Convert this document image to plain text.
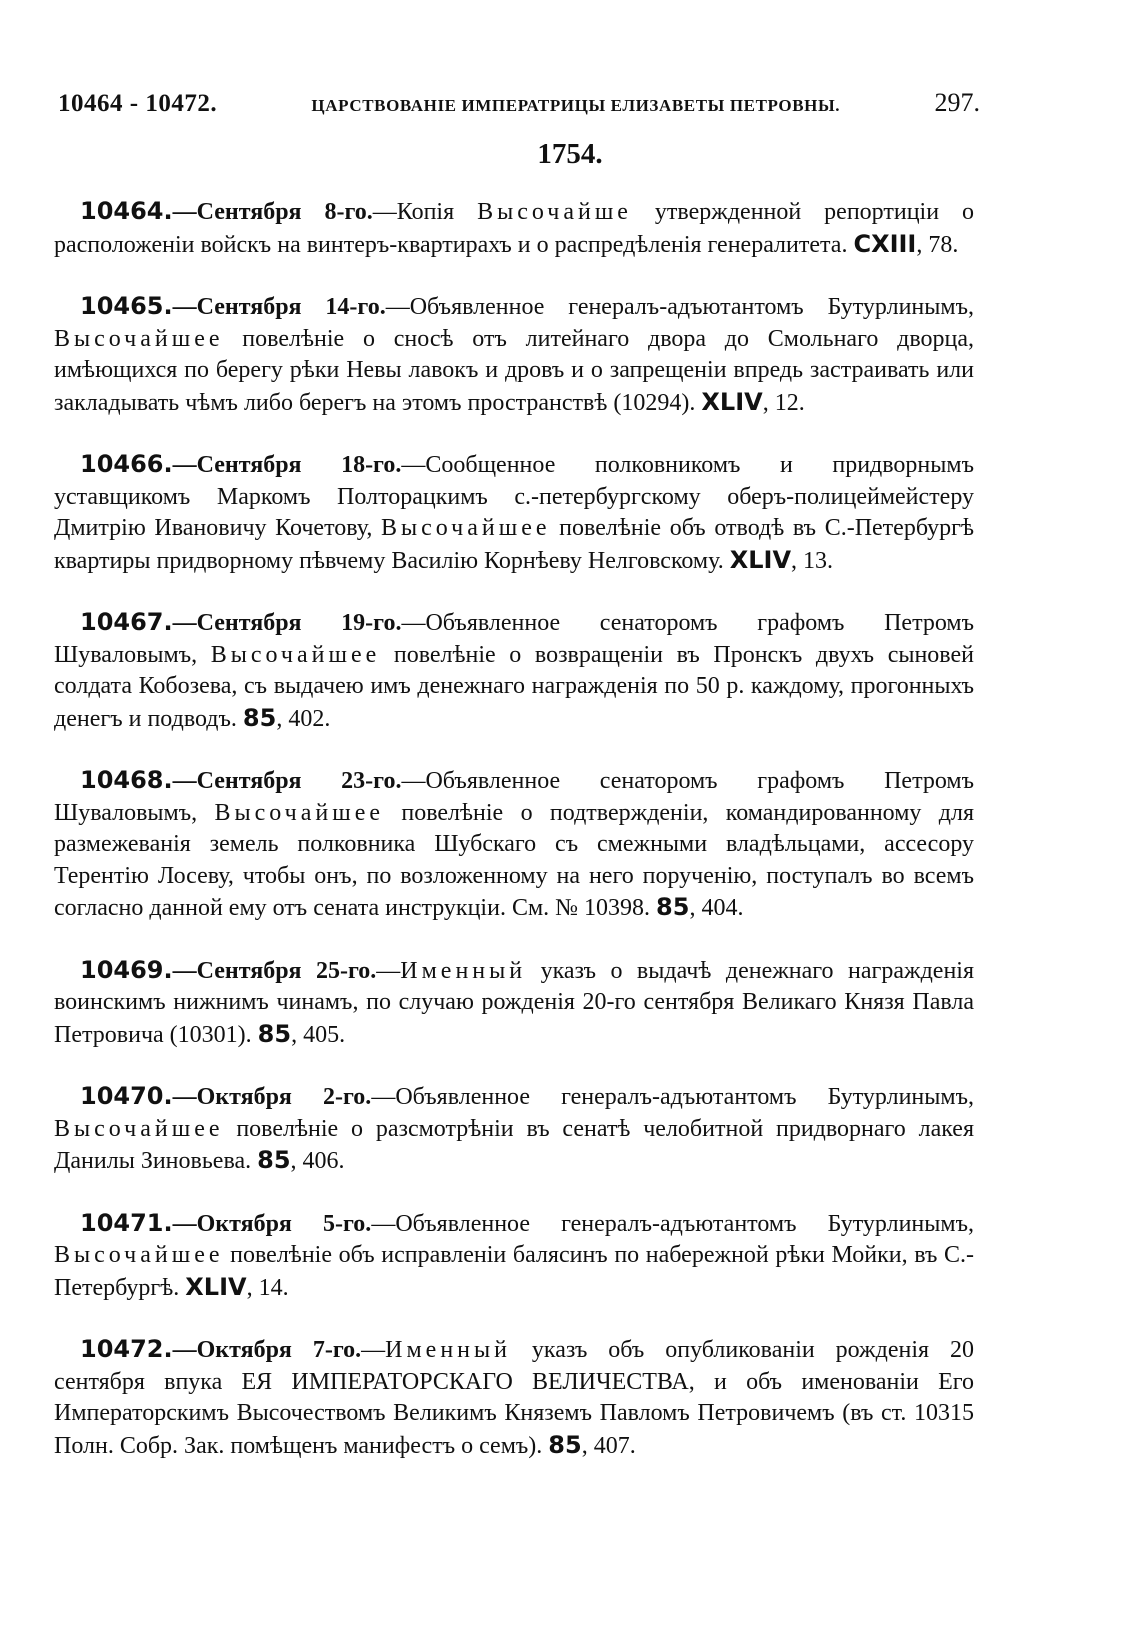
10464 - 10472.	ЦАРСТВОВАНІЕ ИМПЕРАТРИЦЫ ЕЛИЗАВЕТЫ ПЕТРОВНЫ.	297.
1754.

10464.—Сентября 8-го.—Копія Высочайше утвержденной репортиціи о расположеніи войскъ на винтеръ-квартирахъ и о распредѣленія генералитета. CXIII, 78.

10465.—Сентября 14-го.—Объявленное генералъ-адъютантомъ Бутурлинымъ, Высочайшее повелѣніе о сносѣ отъ литейнаго двора до Смольнаго дворца, имѣющихся по берегу рѣки Невы лавокъ и дровъ и о запрещеніи впредь застраивать или закладывать чѣмъ либо берегъ на этомъ пространствѣ (10294). XLIV, 12.

10466.—Сентября 18-го.—Сообщенное полковникомъ и придворнымъ уставщикомъ Маркомъ Полторацкимъ с.-петербургскому оберъ-полицеймейстеру Дмитрію Ивановичу Кочетову, Высочайшее повелѣніе объ отводѣ въ С.-Петербургѣ квартиры придворному пѣвчему Василію Корнѣеву Нелговскому. XLIV, 13.

10467.—Сентября 19-го.—Объявленное сенаторомъ графомъ Петромъ Шуваловымъ, Высочайшее повелѣніе о возвращеніи въ Пронскъ двухъ сыновей солдата Кобозева, съ выдачею имъ денежнаго награжденія по 50 р. каждому, прогонныхъ денегъ и подводъ. 85, 402.

10468.—Сентября 23-го.—Объявленное сенаторомъ графомъ Петромъ Шуваловымъ, Высочайшее повелѣніе о подтвержденіи, командированному для размежеванія земель полковника Шубскаго съ смежными владѣльцами, ассесору Терентію Лосеву, чтобы онъ, по возложенному на него порученію, поступалъ во всемъ согласно данной ему отъ сената инструкціи. См. № 10398. 85, 404.

10469.—Сентября 25-го.—Именный указъ о выдачѣ денежнаго награжденія воинскимъ нижнимъ чинамъ, по случаю рожденія 20-го сентября Великаго Князя Павла Петровича (10301). 85, 405.

10470.—Октября 2-го.—Объявленное генералъ-адъютантомъ Бутурлинымъ, Высочайшее повелѣніе о разсмотрѣніи въ сенатѣ челобитной придворнаго лакея Данилы Зиновьева. 85, 406.

10471.—Октября 5-го.—Объявленное генералъ-адъютантомъ Бутурлинымъ, Высочайшее повелѣніе объ исправленіи балясинъ по набережной рѣки Мойки, въ С.-Петербургѣ. XLIV, 14.

10472.—Октября 7-го.—Именный указъ объ опубликованіи рожденія 20 сентября впука ЕЯ ИМПЕРАТОРСКАГО ВЕЛИЧЕСТВА, и объ именованіи Его Императорскимъ Высочествомъ Великимъ Княземъ Павломъ Петровичемъ (въ ст. 10315 Полн. Собр. Зак. помѣщенъ манифестъ о семъ). 85, 407.
